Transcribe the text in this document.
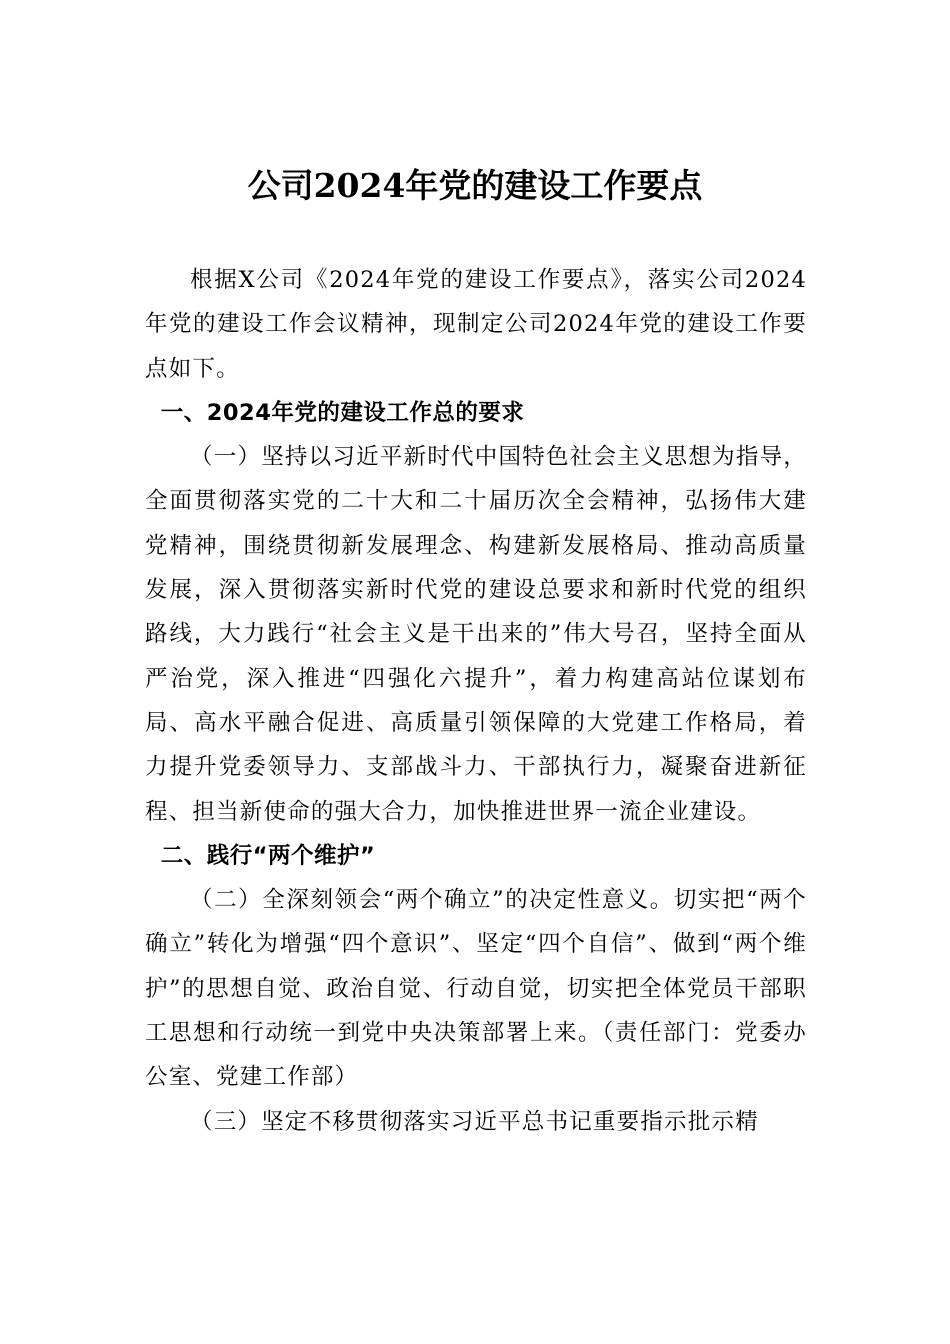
公司2024年党的建设工作要点

根据X公司《2024年党的建设工作要点》，落实公司2024年党的建设工作会议精神，现制定公司2024年党的建设工作要点如下。

一、2024年党的建设工作总的要求

（一）坚持以习近平新时代中国特色社会主义思想为指导，全面贯彻落实党的二十大和二十届历次全会精神，弘扬伟大建党精神，围绕贯彻新发展理念、构建新发展格局、推动高质量发展，深入贯彻落实新时代党的建设总要求和新时代党的组织路线，大力践行“社会主义是干出来的”伟大号召，坚持全面从严治党，深入推进“四强化六提升”，着力构建高站位谋划布局、高水平融合促进、高质量引领保障的大党建工作格局，着力提升党委领导力、支部战斗力、干部执行力，凝聚奋进新征程、担当新使命的强大合力，加快推进世界一流企业建设。

二、践行“两个维护”

（二）全深刻领会“两个确立”的决定性意义。切实把“两个确立”转化为增强“四个意识”、坚定“四个自信”、做到“两个维护”的思想自觉、政治自觉、行动自觉，切实把全体党员干部职工思想和行动统一到党中央决策部署上来。（责任部门：党委办公室、党建工作部）

（三）坚定不移贯彻落实习近平总书记重要指示批示精
